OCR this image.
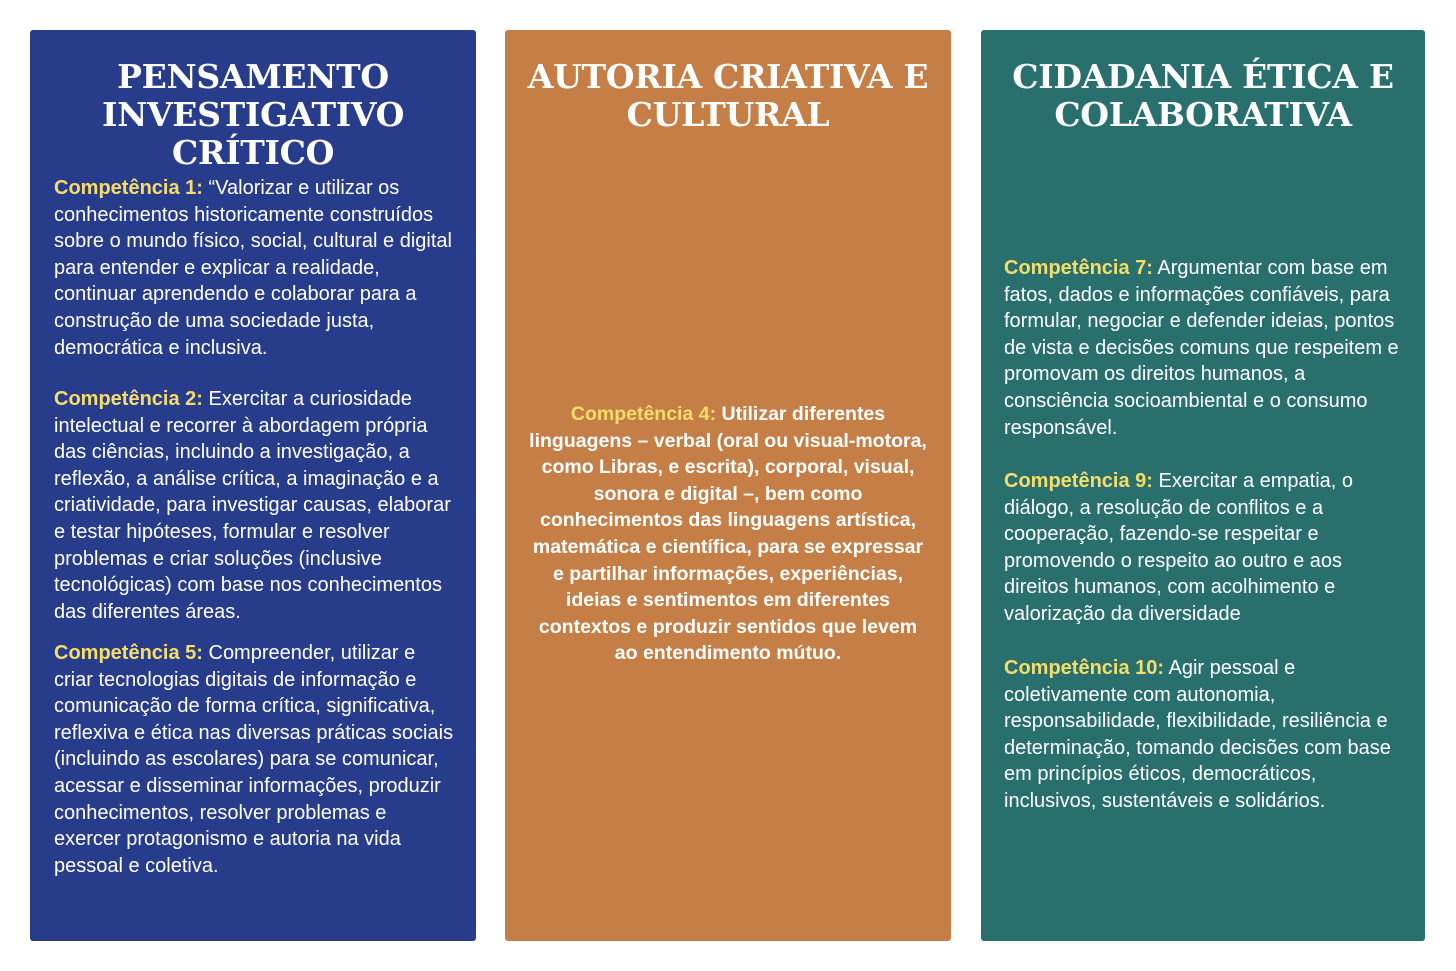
PENSAMENTO
INVESTIGATIVO CRÍTICO

Competência 1: “Valorizar e utilizar os conhecimentos historicamente construídos sobre o mundo físico, social, cultural e digital para entender e explicar a realidade, continuar aprendendo e colaborar para a construção de uma sociedade justa, democrática e inclusiva.

Competência 2: Exercitar a curiosidade intelectual e recorrer à abordagem própria das ciências, incluindo a investigação, a reflexão, a análise crítica, a imaginação e a criatividade, para investigar causas, elaborar e testar hipóteses, formular e resolver problemas e criar soluções (inclusive tecnológicas) com base nos conhecimentos das diferentes áreas.

Competência 5: Compreender, utilizar e criar tecnologias digitais de informação e comunicação de forma crítica, significativa, reflexiva e ética nas diversas práticas sociais (incluindo as escolares) para se comunicar, acessar e disseminar informações, produzir conhecimentos, resolver problemas e exercer protagonismo e autoria na vida pessoal e coletiva.

AUTORIA CRIATIVA E
CULTURAL

Competência 4: Utilizar diferentes linguagens – verbal (oral ou visual-motora, como Libras, e escrita), corporal, visual, sonora e digital –, bem como conhecimentos das linguagens artística, matemática e científica, para se expressar e partilhar informações, experiências, ideias e sentimentos em diferentes contextos e produzir sentidos que levem ao entendimento mútuo.

CIDADANIA ÉTICA E
COLABORATIVA

Competência 7: Argumentar com base em fatos, dados e informações confiáveis, para formular, negociar e defender ideias, pontos de vista e decisões comuns que respeitem e promovam os direitos humanos, a consciência socioambiental e o consumo responsável.

Competência 9: Exercitar a empatia, o diálogo, a resolução de conflitos e a cooperação, fazendo-se respeitar e promovendo o respeito ao outro e aos direitos humanos, com acolhimento e valorização da diversidade

Competência 10: Agir pessoal e coletivamente com autonomia, responsabilidade, flexibilidade, resiliência e determinação, tomando decisões com base em princípios éticos, democráticos, inclusivos, sustentáveis e solidários.
